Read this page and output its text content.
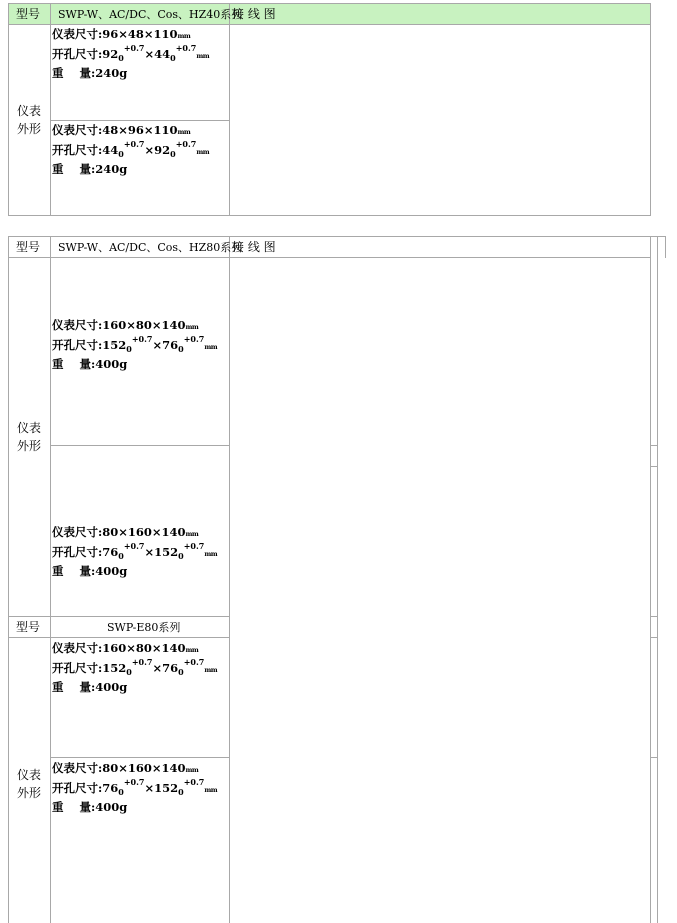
型号 SWP-W、AC/DC、Cos、HZ40系列
接 线 图
仪表
外形
仪表尺寸:96×48×110mm
开孔尺寸$:92_0^{+0.7}\times 44_0^{+0.7}mm$
重    量:240g
仪表尺寸:48×96×110mm
开孔尺寸$:44_0^{+0.7}\times 92_0^{+0.7}mm$
重    量:240g
型号 SWP-W、AC/DC、Cos、HZ80系列
接 线 图
仪表
外形
仪表尺寸:160×80×140mm
开孔尺寸$:152_0^{+0.7}\times 76_0^{+0.7}mm$
重    量:400g
仪表尺寸:80×160×140mm
开孔尺寸$:76_0^{+0.7}\times 152_0^{+0.7}mm$
重    量:400g
型号	SWP-E80系列
仪表
外形
仪表尺寸:160×80×140mm
开孔尺寸$:152_0^{+0.7}\times 76_0^{+0.7}mm$
重    量:400g
仪表尺寸:80×160×140mm
开孔尺寸$:76_0^{+0.7}\times 152_0^{+0.7}mm$
重    量:400g
